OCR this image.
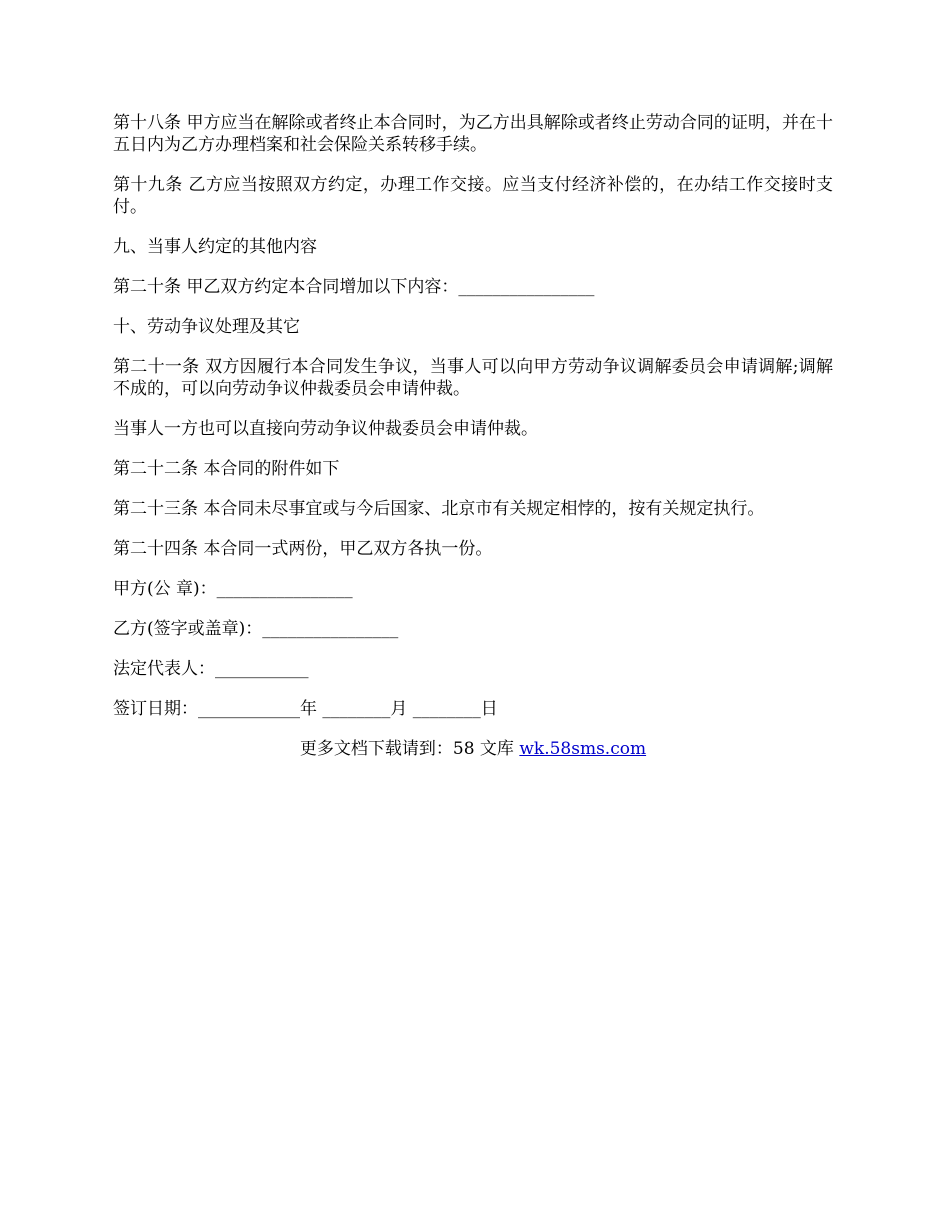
第十八条 甲方应当在解除或者终止本合同时，为乙方出具解除或者终止劳动合同的证明，并在十五日内为乙方办理档案和社会保险关系转移手续。

第十九条 乙方应当按照双方约定，办理工作交接。应当支付经济补偿的，在办结工作交接时支付。

九、当事人约定的其他内容

第二十条 甲乙双方约定本合同增加以下内容：________________

十、劳动争议处理及其它

第二十一条 双方因履行本合同发生争议，当事人可以向甲方劳动争议调解委员会申请调解;调解不成的，可以向劳动争议仲裁委员会申请仲裁。

当事人一方也可以直接向劳动争议仲裁委员会申请仲裁。

第二十二条 本合同的附件如下

第二十三条 本合同未尽事宜或与今后国家、北京市有关规定相悖的，按有关规定执行。

第二十四条 本合同一式两份，甲乙双方各执一份。

甲方(公 章)：________________

乙方(签字或盖章)：________________

法定代表人：___________

签订日期：____________年 ________月 ________日

更多文档下载请到：58 文库 wk.58sms.com
